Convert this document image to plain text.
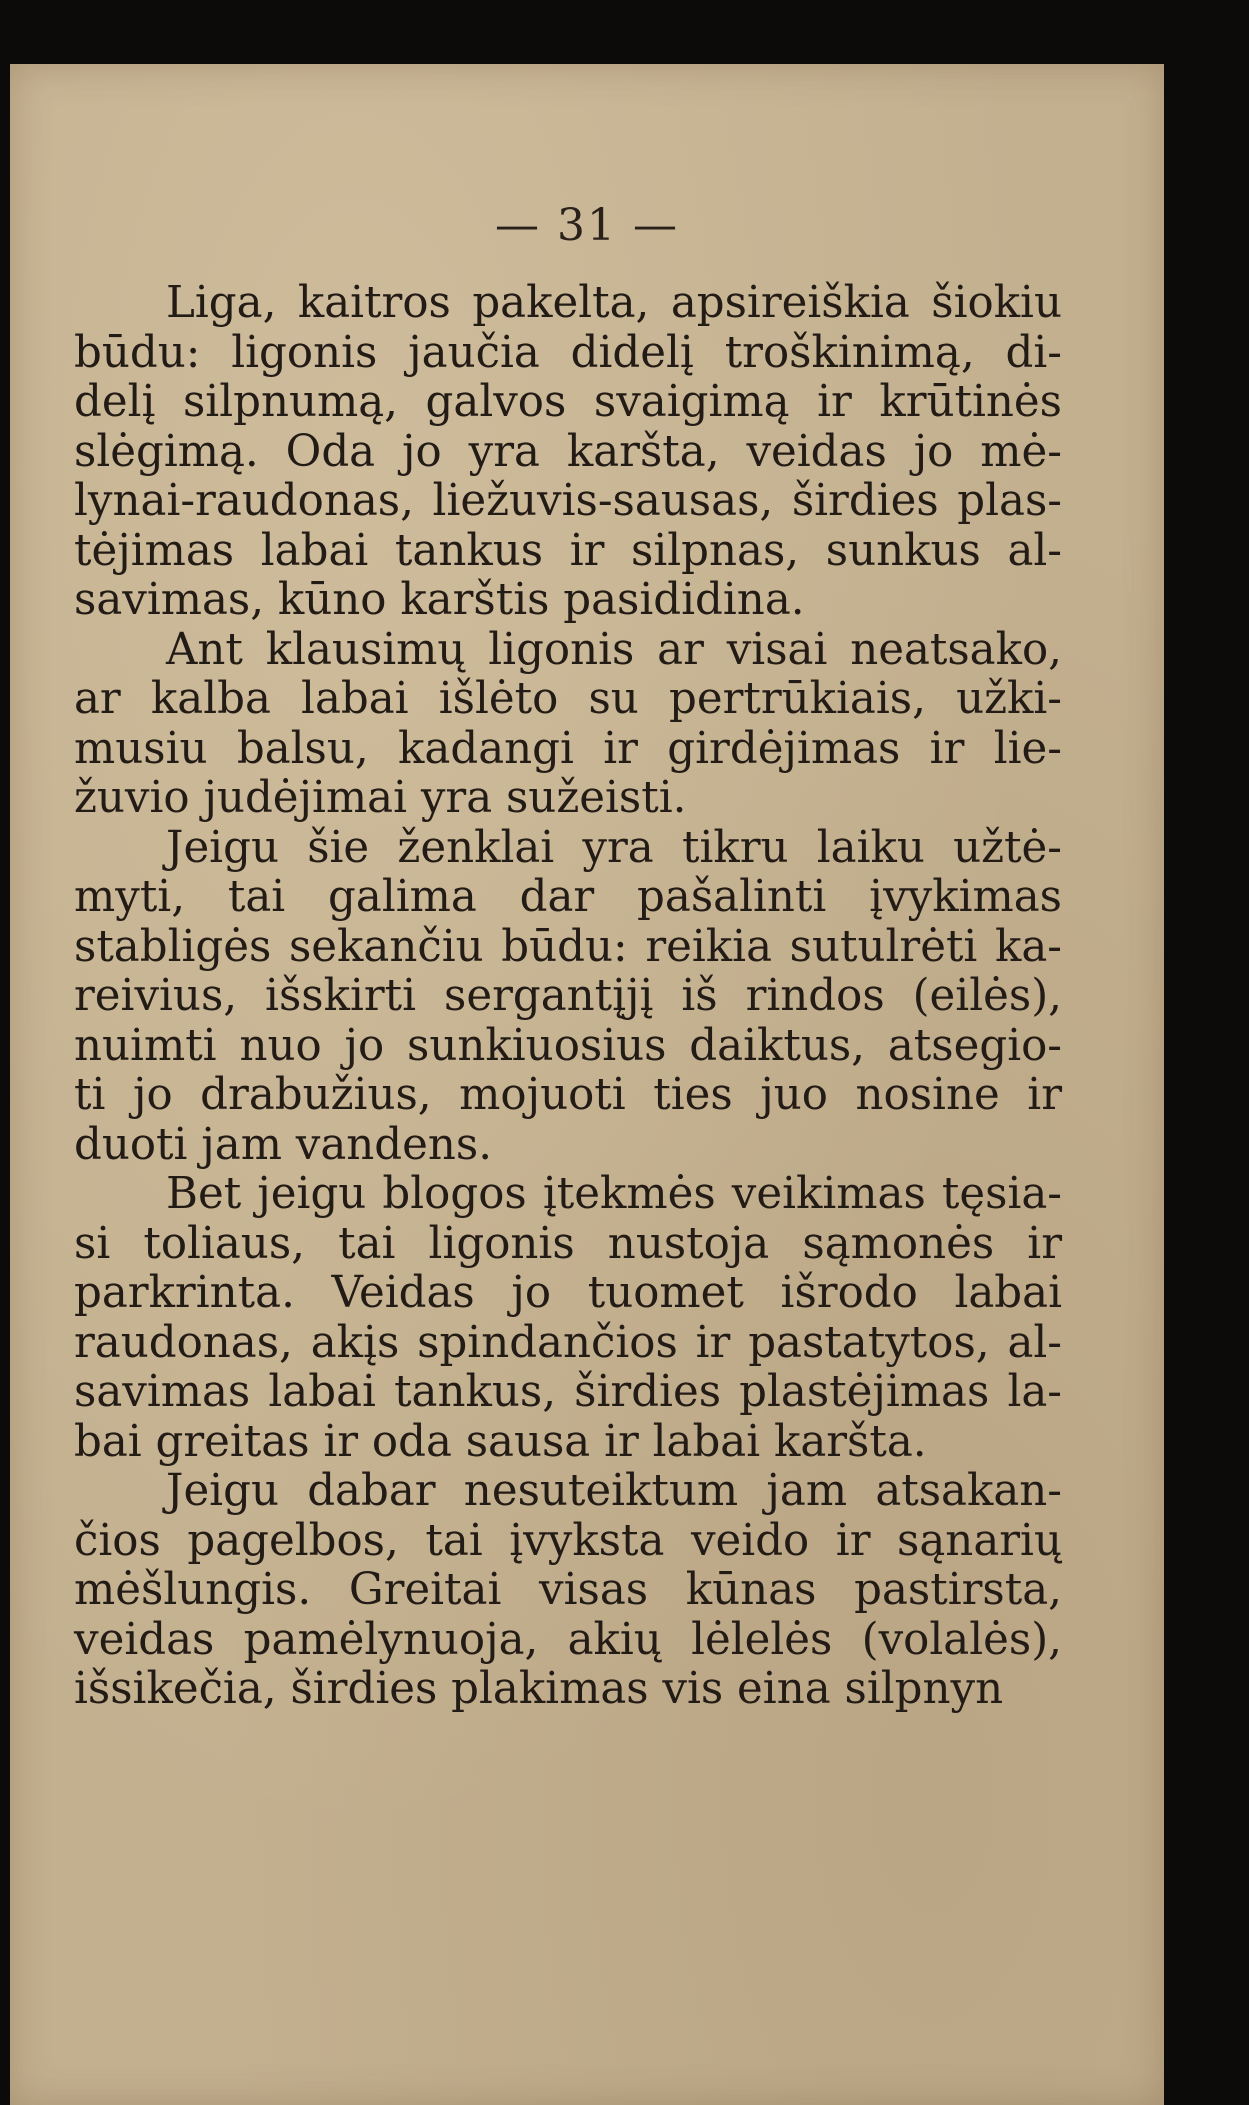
— 31 —
Liga, kaitros pakelta, apsireiškia šiokiu
būdu: ligonis jaučia didelį troškinimą, di-
delį silpnumą, galvos svaigimą ir krūtinės
slėgimą. Oda jo yra karšta, veidas jo mė-
lynai-raudonas, liežuvis-sausas, širdies plas-
tėjimas labai tankus ir silpnas, sunkus al-
savimas, kūno karštis pasididina.
Ant klausimų ligonis ar visai neatsako,
ar kalba labai išlėto su pertrūkiais, užki-
musiu balsu, kadangi ir girdėjimas ir lie-
žuvio judėjimai yra sužeisti.
Jeigu šie ženklai yra tikru laiku užtė-
myti, tai galima dar pašalinti įvykimas
stabligės sekančiu būdu: reikia sutulrėti ka-
reivius, išskirti sergantįjį iš rindos (eilės),
nuimti nuo jo sunkiuosius daiktus, atsegio-
ti jo drabužius, mojuoti ties juo nosine ir
duoti jam vandens.
Bet jeigu blogos įtekmės veikimas tęsia-
si toliaus, tai ligonis nustoja sąmonės ir
parkrinta. Veidas jo tuomet išrodo labai
raudonas, akįs spindančios ir pastatytos, al-
savimas labai tankus, širdies plastėjimas la-
bai greitas ir oda sausa ir labai karšta.
Jeigu dabar nesuteiktum jam atsakan-
čios pagelbos, tai įvyksta veido ir sąnarių
mėšlungis. Greitai visas kūnas pastirsta,
veidas pamėlynuoja, akių lėlelės (volalės),
išsikečia, širdies plakimas vis eina silpnyn
